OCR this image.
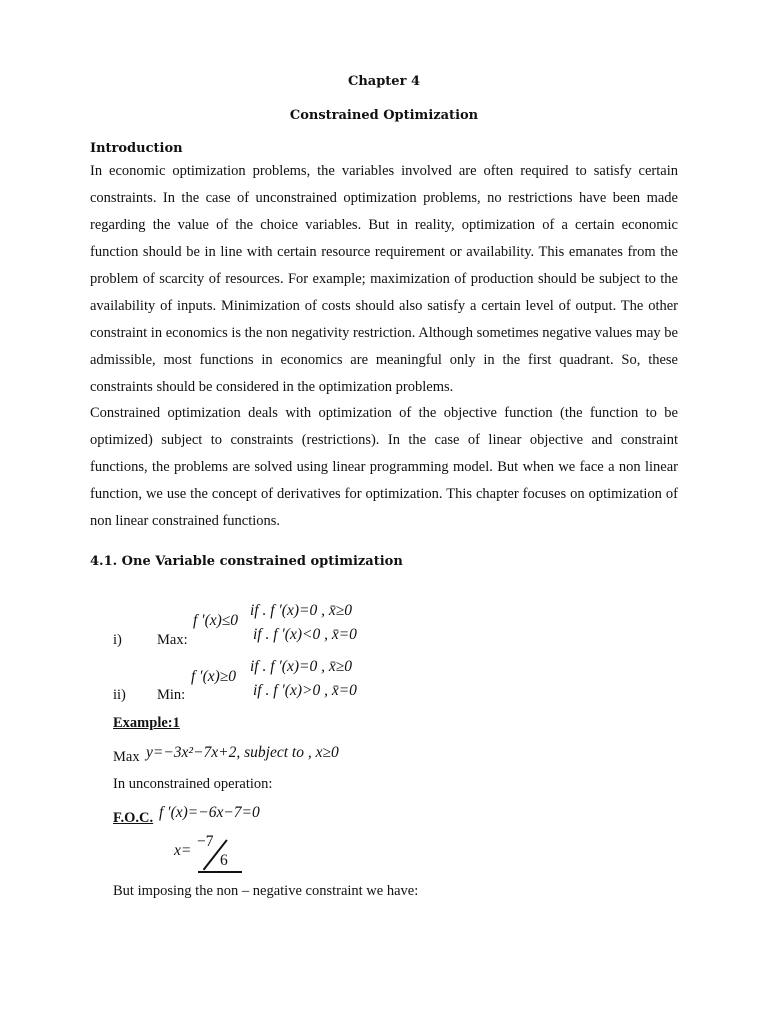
Chapter 4
Constrained Optimization
Introduction

In economic optimization problems, the variables involved are often required to satisfy certain constraints. In the case of unconstrained optimization problems, no restrictions have been made regarding the value of the choice variables. But in reality, optimization of a certain economic function should be in line with certain resource requirement or availability. This emanates from the problem of scarcity of resources. For example; maximization of production should be subject to the availability of inputs. Minimization of costs should also satisfy a certain level of output. The other constraint in economics is the non negativity restriction. Although sometimes negative values may be admissible, most functions in economics are meaningful only in the first quadrant. So, these constraints should be considered in the optimization problems.

Constrained optimization deals with optimization of the objective function (the function to be optimized) subject to constraints (restrictions). In the case of linear objective and constraint functions, the problems are solved using linear programming model. But when we face a non linear function, we use the concept of derivatives for optimization. This chapter focuses on optimization of non linear constrained functions.

4.1. One Variable constrained optimization
i) Max:
f ′(x)≤0
if . f ′(x)=0 , x̄≥0
if . f ′(x)<0 , x̄=0
ii) Min:
f ′(x)≥0
if . f ′(x)=0 , x̄≥0
if . f ′(x)>0 , x̄=0
Example:1
Max y=−3x²−7x+2, subject to , x≥0
In unconstrained operation:
F.O.C. f ′(x)=−6x−7=0
x=
−7
6
But imposing the non – negative constraint we have:
